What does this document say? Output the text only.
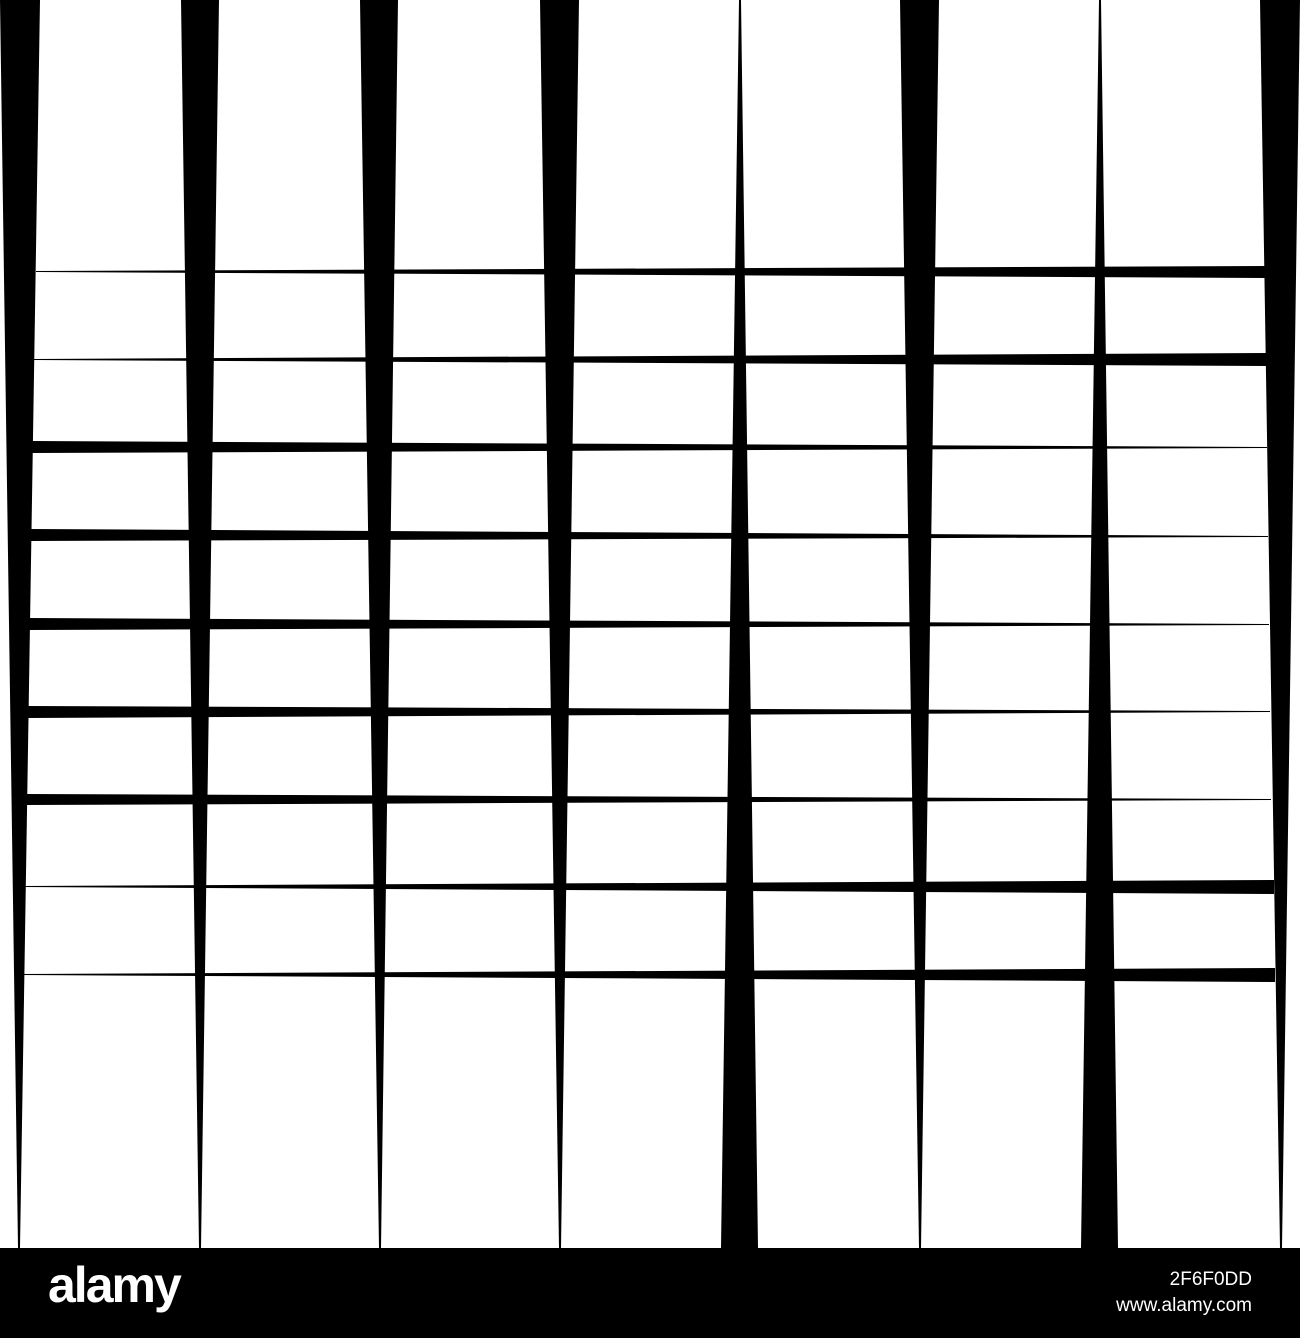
alamy	2F6F0DD
www.alamy.com
